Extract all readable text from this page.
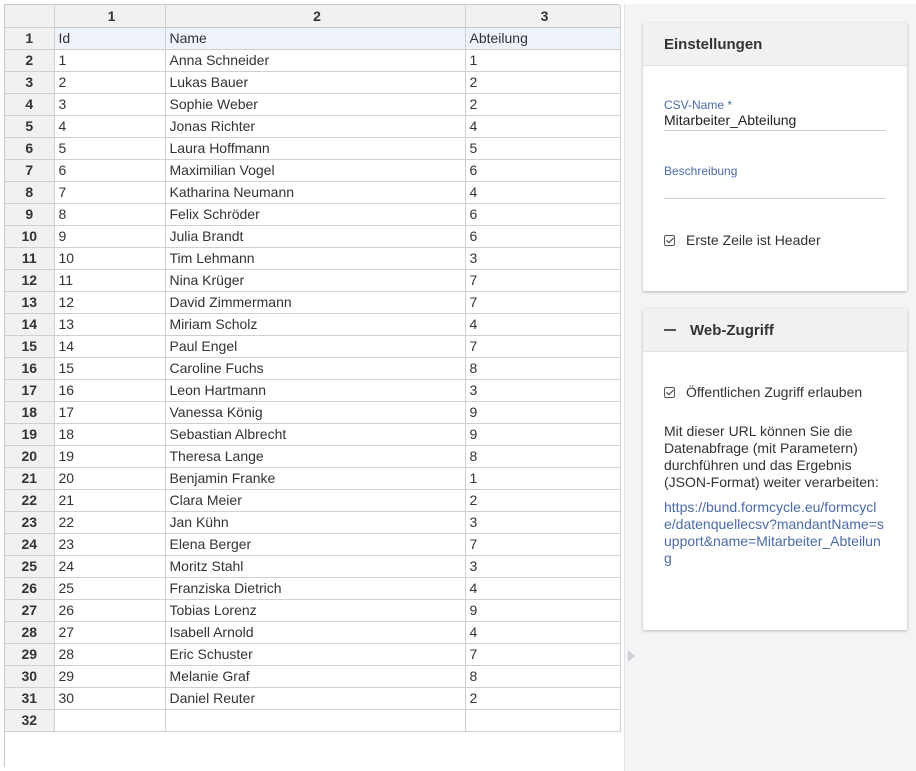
	1	2	3
1	Id	Name	Abteilung
2	1	Anna Schneider	1
3	2	Lukas Bauer	2
4	3	Sophie Weber	2
5	4	Jonas Richter	4
6	5	Laura Hoffmann	5
7	6	Maximilian Vogel	6
8	7	Katharina Neumann	4
9	8	Felix Schröder	6
10	9	Julia Brandt	6
11	10	Tim Lehmann	3
12	11	Nina Krüger	7
13	12	David Zimmermann	7
14	13	Miriam Scholz	4
15	14	Paul Engel	7
16	15	Caroline Fuchs	8
17	16	Leon Hartmann	3
18	17	Vanessa König	9
19	18	Sebastian Albrecht	9
20	19	Theresa Lange	8
21	20	Benjamin Franke	1
22	21	Clara Meier	2
23	22	Jan Kühn	3
24	23	Elena Berger	7
25	24	Moritz Stahl	3
26	25	Franziska Dietrich	4
27	26	Tobias Lorenz	9
28	27	Isabell Arnold	4
29	28	Eric Schuster	7
30	29	Melanie Graf	8
31	30	Daniel Reuter	2
32			
Einstellungen
CSV-Name *
Mitarbeiter_Abteilung
Beschreibung
Erste Zeile ist Header
Web-Zugriff
Öffentlichen Zugriff erlauben
Mit dieser URL können Sie die Datenabfrage (mit Parametern) durchführen und das Ergebnis (JSON-Format) weiter verarbeiten:
https://bund.formcycle.eu/formcycle/datenquellecsv?mandantName=support&name=Mitarbeiter_Abteilung
